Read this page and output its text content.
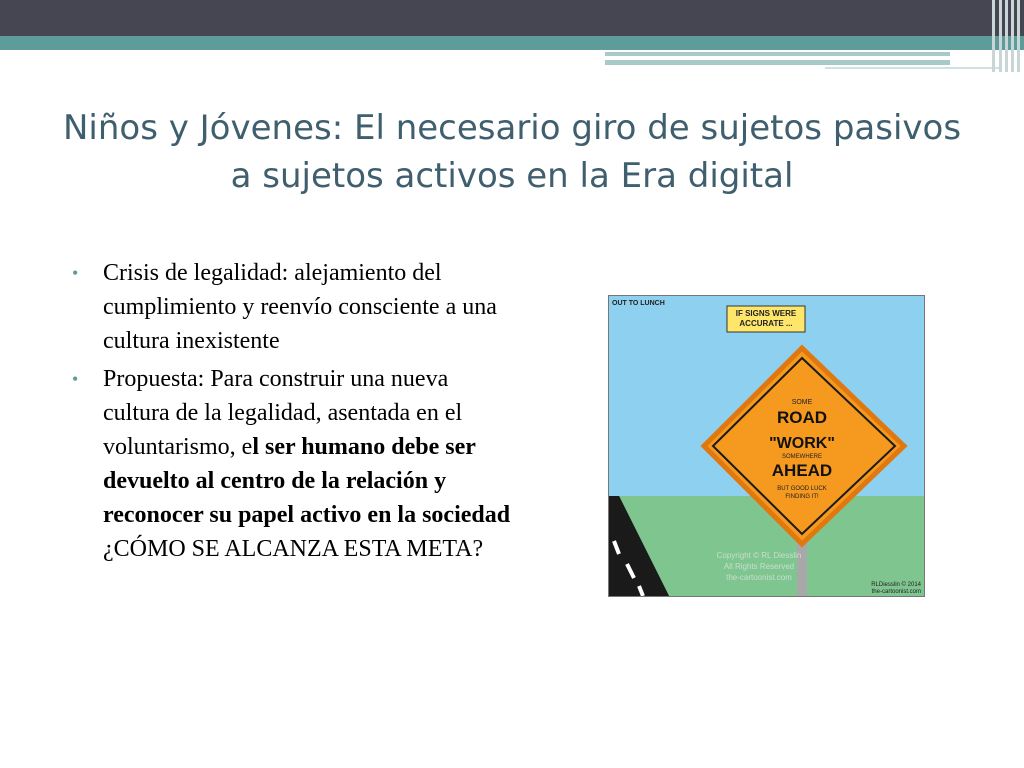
Niños y Jóvenes: El necesario giro de sujetos pasivos
a sujetos activos en la Era digital
• Crisis de legalidad: alejamiento del cumplimiento y reenvío consciente a una cultura inexistente
• Propuesta: Para construir una nueva cultura de la legalidad, asentada en el voluntarismo, el ser humano debe ser devuelto al centro de la relación y reconocer su papel activo en la sociedad ¿CÓMO SE ALCANZA ESTA META?
IF SIGNS WERE
ACCURATE ...
OUT TO LUNCH
SOME
ROAD
"WORK"
SOMEWHERE
AHEAD
BUT GOOD LUCK
FINDING IT!
Copyright © RL Diesslin
All Rights Reserved
the-cartoonist.com
RLDiesslin © 2014
the-cartoonist.com
